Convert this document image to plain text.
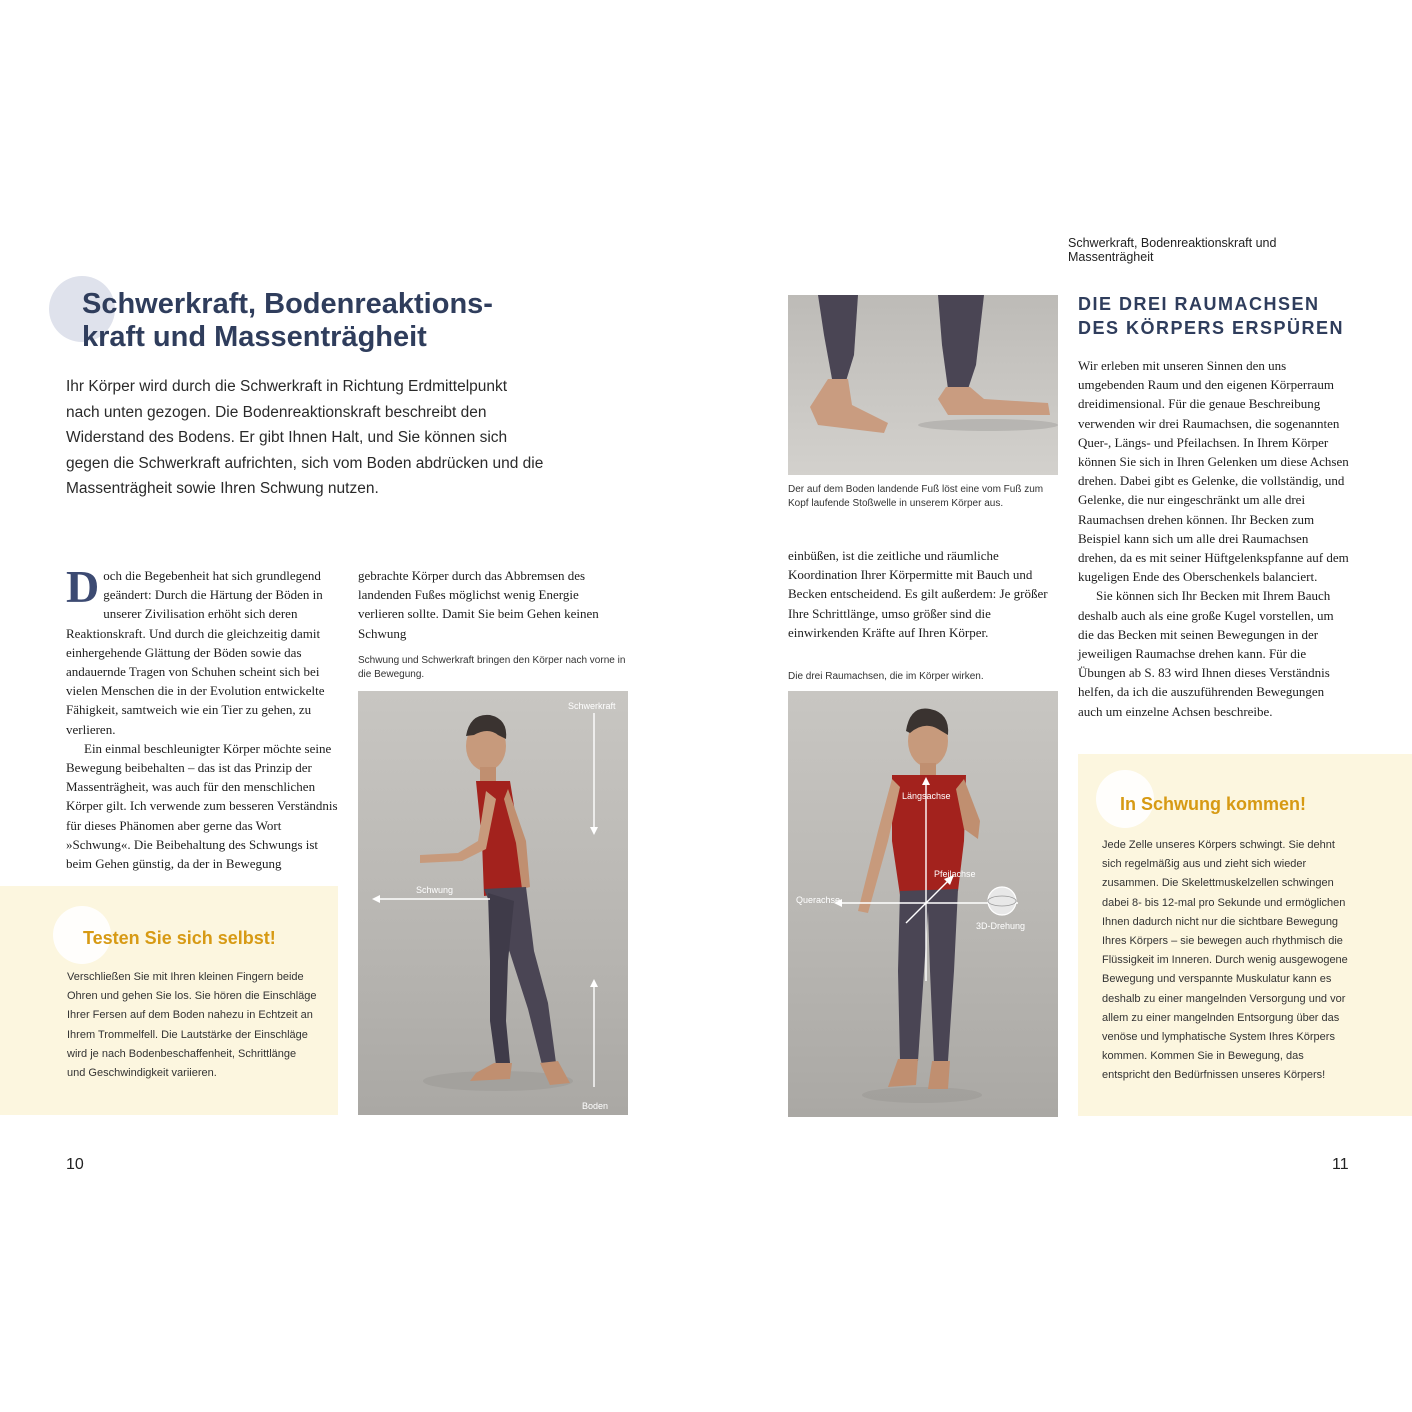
Schwerkraft, Bodenreaktionskraft und Massenträgheit
Schwerkraft, Bodenreaktions-
kraft und Massenträgheit

Ihr Körper wird durch die Schwerkraft in Richtung Erdmittelpunkt nach unten gezogen. Die Bodenreaktionskraft beschreibt den Widerstand des Bodens. Er gibt Ihnen Halt, und Sie können sich gegen die Schwerkraft aufrichten, sich vom Boden abdrücken und die Massenträgheit sowie Ihren Schwung nutzen.

Doch die Begebenheit hat sich grundlegend geändert: Durch die Härtung der Böden in unserer Zivilisation erhöht sich deren Reaktionskraft. Und durch die gleichzeitig damit einhergehende Glättung der Böden sowie das andauernde Tragen von Schuhen scheint sich bei vielen Menschen die in der Evolution entwickelte Fähigkeit, samtweich wie ein Tier zu gehen, zu verlieren.

Ein einmal beschleunigter Körper möchte seine Bewegung beibehalten – das ist das Prinzip der Massenträgheit, was auch für den menschlichen Körper gilt. Ich verwende zum besseren Verständnis für dieses Phänomen aber gerne das Wort »Schwung«. Die Beibehaltung des Schwungs ist beim Gehen günstig, da der in Bewegung

gebrachte Körper durch das Abbremsen des landenden Fußes möglichst wenig Energie verlieren sollte. Damit Sie beim Gehen keinen Schwung

Schwung und Schwerkraft bringen den Körper nach vorne in die Bewegung.

Schwerkraft
Schwung
Boden

Testen Sie sich selbst!

Verschließen Sie mit Ihren kleinen Fingern beide Ohren und gehen Sie los. Sie hören die Einschläge Ihrer Fersen auf dem Boden nahezu in Echtzeit an Ihrem Trommelfell. Die Lautstärke der Einschläge wird je nach Bodenbeschaffenheit, Schrittlänge und Geschwindigkeit variieren.

10

Der auf dem Boden landende Fuß löst eine vom Fuß zum Kopf laufende Stoßwelle in unserem Körper aus.

einbüßen, ist die zeitliche und räumliche Koordination Ihrer Körpermitte mit Bauch und Becken entscheidend. Es gilt außerdem: Je größer Ihre Schrittlänge, umso größer sind die einwirkenden Kräfte auf Ihren Körper.

Die drei Raumachsen, die im Körper wirken.

Längsachse
Pfeilachse
Querachse
3D-Drehung
DIE DREI RAUMACHSEN
DES KÖRPERS ERSPÜREN

Wir erleben mit unseren Sinnen den uns umgebenden Raum und den eigenen Körperraum dreidimensional. Für die genaue Beschreibung verwenden wir drei Raumachsen, die sogenannten Quer-, Längs- und Pfeilachsen. In Ihrem Körper können Sie sich in Ihren Gelenken um diese Achsen drehen. Dabei gibt es Gelenke, die vollständig, und Gelenke, die nur eingeschränkt um alle drei Raumachsen drehen können. Ihr Becken zum Beispiel kann sich um alle drei Raumachsen drehen, da es mit seiner Hüftgelenkspfanne auf dem kugeligen Ende des Oberschenkels balanciert.

Sie können sich Ihr Becken mit Ihrem Bauch deshalb auch als eine große Kugel vorstellen, um die das Becken mit seinen Bewegungen in der jeweiligen Raumachse drehen kann. Für die Übungen ab S. 83 wird Ihnen dieses Verständnis helfen, da ich die auszuführenden Bewegungen auch um einzelne Achsen beschreibe.

In Schwung kommen!

Jede Zelle unseres Körpers schwingt. Sie dehnt sich regelmäßig aus und zieht sich wieder zusammen. Die Skelettmuskelzellen schwingen dabei 8- bis 12-mal pro Sekunde und ermöglichen Ihnen dadurch nicht nur die sichtbare Bewegung Ihres Körpers – sie bewegen auch rhythmisch die Flüssigkeit im Inneren. Durch wenig ausgewogene Bewegung und verspannte Muskulatur kann es deshalb zu einer mangelnden Versorgung und vor allem zu einer mangelnden Entsorgung über das venöse und lymphatische System Ihres Körpers kommen. Kommen Sie in Bewegung, das entspricht den Bedürfnissen unseres Körpers!

11
